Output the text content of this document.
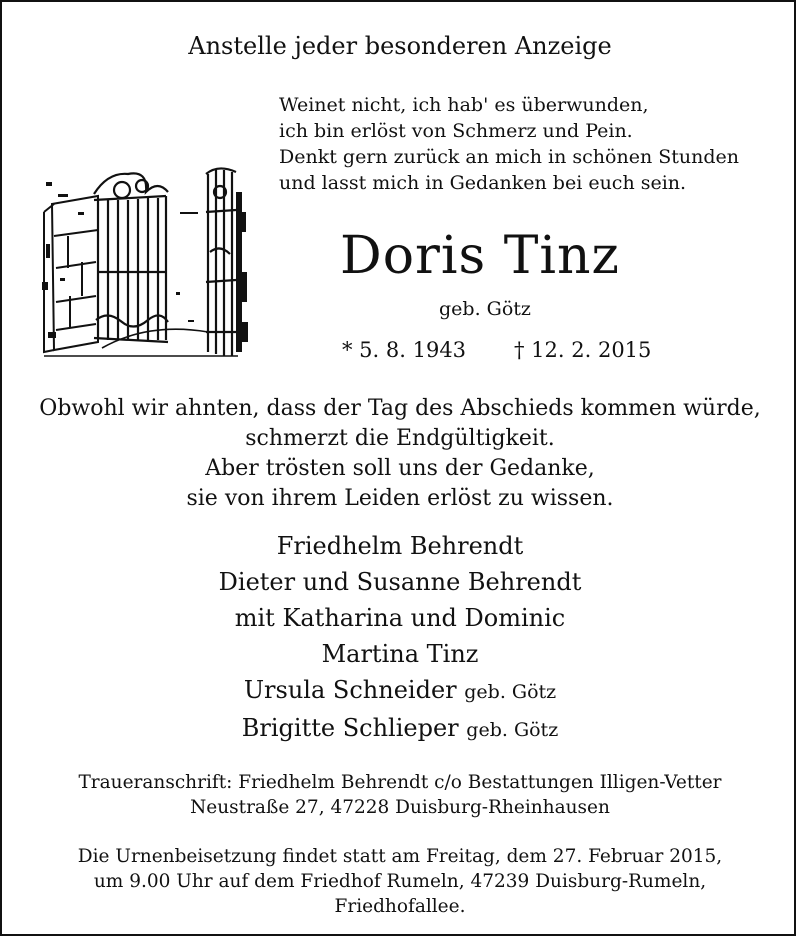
Anstelle jeder besonderen Anzeige
Weinet nicht, ich hab' es überwunden,
ich bin erlöst von Schmerz und Pein.
Denkt gern zurück an mich in schönen Stunden
und lasst mich in Gedanken bei euch sein.
Doris Tinz
geb. Götz
* 5. 8. 1943 † 12. 2. 2015
Obwohl wir ahnten, dass der Tag des Abschieds kommen würde,
schmerzt die Endgültigkeit.
Aber trösten soll uns der Gedanke,
sie von ihrem Leiden erlöst zu wissen.
Friedhelm Behrendt
Dieter und Susanne Behrendt
mit Katharina und Dominic
Martina Tinz
Ursula Schneider geb. Götz
Brigitte Schlieper geb. Götz
Traueranschrift: Friedhelm Behrendt c/o Bestattungen Illigen-Vetter
Neustraße 27, 47228 Duisburg-Rheinhausen
Die Urnenbeisetzung findet statt am Freitag, dem 27. Februar 2015,
um 9.00 Uhr auf dem Friedhof Rumeln, 47239 Duisburg-Rumeln,
Friedhofallee.
